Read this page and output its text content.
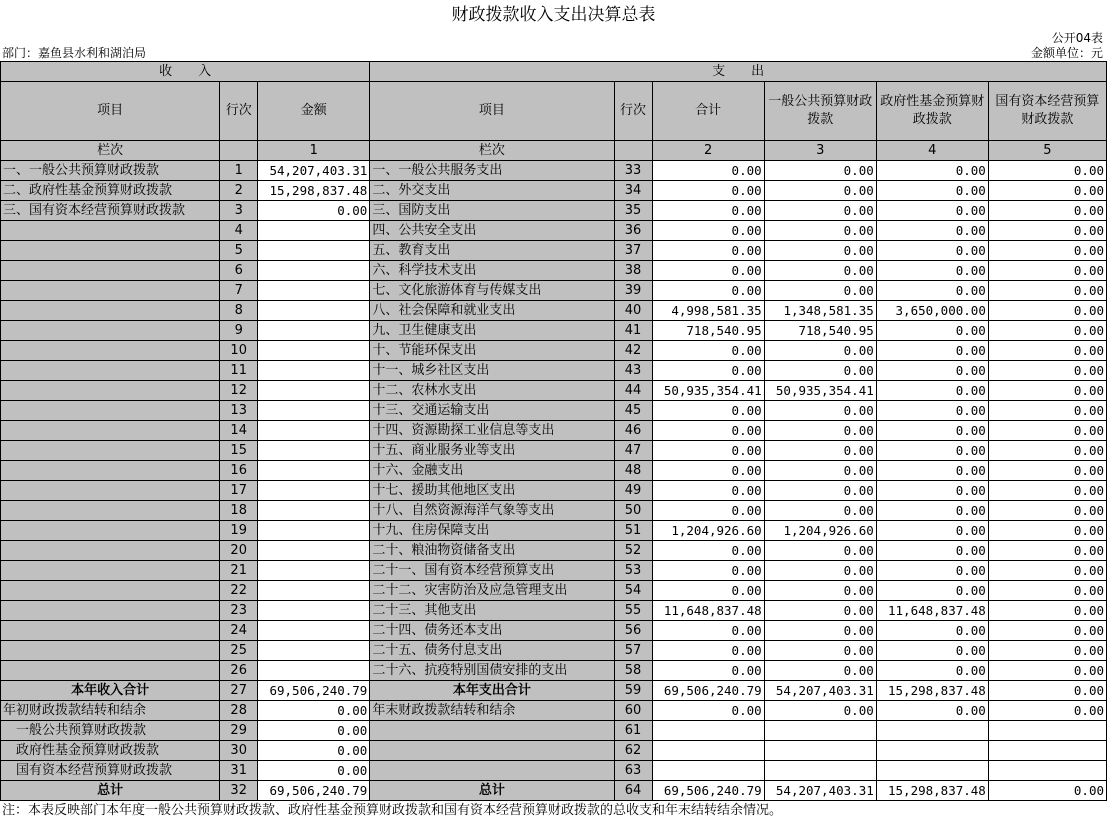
财政拨款收入支出决算总表
公开04表
部门：嘉鱼县水利和湖泊局	金额单位：元
收　　入			支　　出					
项目	行次	金额	项目	行次	合计	一般公共预算财政拨款	政府性基金预算财政拨款	国有资本经营预算财政拨款
栏次		1	栏次		2	3	4	5
一、一般公共预算财政拨款	1	54,207,403.31	一、一般公共服务支出	33	0.00	0.00	0.00	0.00
二、政府性基金预算财政拨款	2	15,298,837.48	二、外交支出	34	0.00	0.00	0.00	0.00
三、国有资本经营预算财政拨款	3	0.00	三、国防支出	35	0.00	0.00	0.00	0.00
	4		四、公共安全支出	36	0.00	0.00	0.00	0.00
	5		五、教育支出	37	0.00	0.00	0.00	0.00
	6		六、科学技术支出	38	0.00	0.00	0.00	0.00
	7		七、文化旅游体育与传媒支出	39	0.00	0.00	0.00	0.00
	8		八、社会保障和就业支出	40	4,998,581.35	1,348,581.35	3,650,000.00	0.00
	9		九、卫生健康支出	41	718,540.95	718,540.95	0.00	0.00
	10		十、节能环保支出	42	0.00	0.00	0.00	0.00
	11		十一、城乡社区支出	43	0.00	0.00	0.00	0.00
	12		十二、农林水支出	44	50,935,354.41	50,935,354.41	0.00	0.00
	13		十三、交通运输支出	45	0.00	0.00	0.00	0.00
	14		十四、资源勘探工业信息等支出	46	0.00	0.00	0.00	0.00
	15		十五、商业服务业等支出	47	0.00	0.00	0.00	0.00
	16		十六、金融支出	48	0.00	0.00	0.00	0.00
	17		十七、援助其他地区支出	49	0.00	0.00	0.00	0.00
	18		十八、自然资源海洋气象等支出	50	0.00	0.00	0.00	0.00
	19		十九、住房保障支出	51	1,204,926.60	1,204,926.60	0.00	0.00
	20		二十、粮油物资储备支出	52	0.00	0.00	0.00	0.00
	21		二十一、国有资本经营预算支出	53	0.00	0.00	0.00	0.00
	22		二十二、灾害防治及应急管理支出	54	0.00	0.00	0.00	0.00
	23		二十三、其他支出	55	11,648,837.48	0.00	11,648,837.48	0.00
	24		二十四、债务还本支出	56	0.00	0.00	0.00	0.00
	25		二十五、债务付息支出	57	0.00	0.00	0.00	0.00
	26		二十六、抗疫特别国债安排的支出	58	0.00	0.00	0.00	0.00
本年收入合计	27	69,506,240.79	本年支出合计	59	69,506,240.79	54,207,403.31	15,298,837.48	0.00
年初财政拨款结转和结余	28	0.00	年末财政拨款结转和结余	60	0.00	0.00	0.00	0.00
　一般公共预算财政拨款	29	0.00		61				
　政府性基金预算财政拨款	30	0.00		62				
　国有资本经营预算财政拨款	31	0.00		63				
总计	32	69,506,240.79	总计	64	69,506,240.79	54,207,403.31	15,298,837.48	0.00
注：本表反映部门本年度一般公共预算财政拨款、政府性基金预算财政拨款和国有资本经营预算财政拨款的总收支和年末结转结余情况。
